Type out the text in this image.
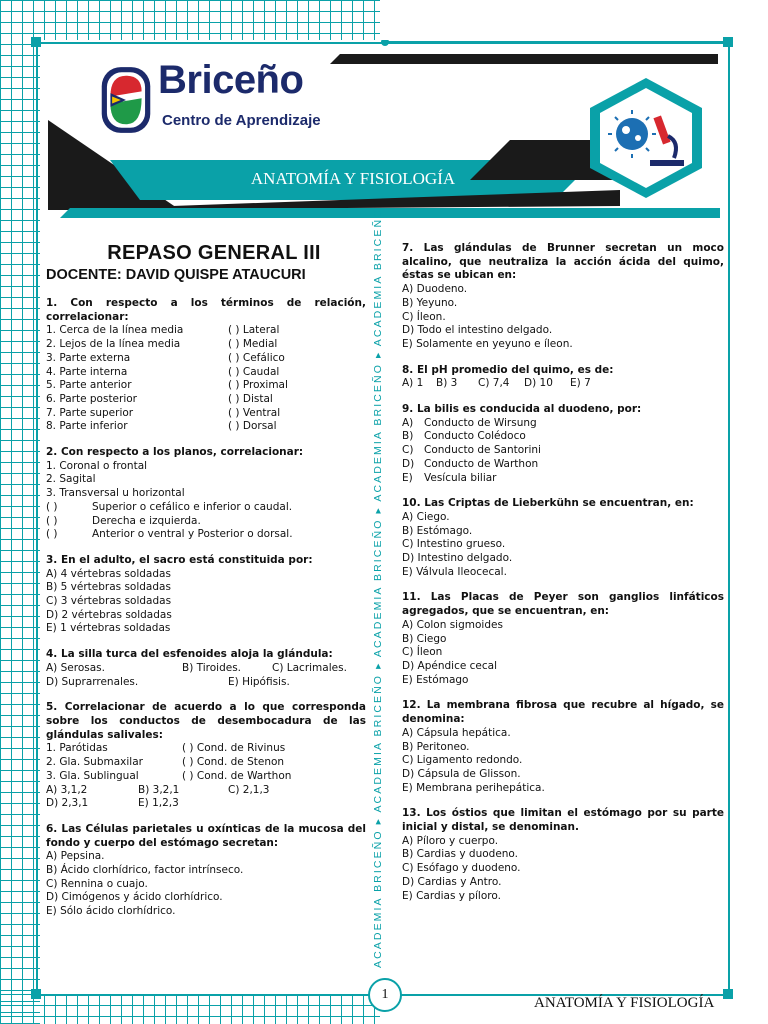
Briceño
Centro de Aprendizaje
ANATOMÍA Y FISIOLOGÍA
ACADEMIA BRICEÑO ▸ ACADEMIA BRICEÑO ▸ ACADEMIA BRICEÑO ▸ ACADEMIA BRICEÑO ▸ ACADEMIA BRICEÑO
REPASO GENERAL III
DOCENTE: DAVID QUISPE ATAUCURI
1. Con respecto a los términos de relación, correlacionar:
1. Cerca de la línea media	( ) Lateral
2. Lejos de la línea media	( ) Medial
3. Parte externa	( ) Cefálico
4. Parte interna	( ) Caudal
5. Parte anterior	( ) Proximal
6. Parte posterior	( ) Distal
7. Parte superior	( ) Ventral
8. Parte inferior	( ) Dorsal
2. Con respecto a los planos, correlacionar:
1. Coronal o frontal
2. Sagital
3. Transversal u horizontal
( )	Superior o cefálico e inferior o caudal.
( )	Derecha e izquierda.
( )	Anterior o ventral y Posterior o dorsal.
3. En el adulto, el sacro está constituida por:
A) 4 vértebras soldadas
B) 5 vértebras soldadas
C) 3 vértebras soldadas
D) 2 vértebras soldadas
E) 1 vértebras soldadas
4. La silla turca del esfenoides aloja la glándula:
A) Serosas.	B) Tiroides.	C) Lacrimales.
D) Suprarrenales.	E) Hipófisis.
5. Correlacionar de acuerdo a lo que corresponda sobre los conductos de desembocadura de las glándulas salivales:
1. Parótidas	( ) Cond. de Rivinus
2. Gla. Submaxilar	( ) Cond. de Stenon
3. Gla. Sublingual	( ) Cond. de Warthon
A) 3,1,2	B) 3,2,1	C) 2,1,3
D) 2,3,1	E) 1,2,3
6. Las Células parietales u oxínticas de la mucosa del fondo y cuerpo del estómago secretan:
A) Pepsina.
B) Ácido clorhídrico, factor intrínseco.
C) Rennina o cuajo.
D) Cimógenos y ácido clorhídrico.
E) Sólo ácido clorhídrico.
7. Las glándulas de Brunner secretan un moco alcalino, que neutraliza la acción ácida del quimo, éstas se ubican en:
A) Duodeno.
B) Yeyuno.
C) Íleon.
D) Todo el intestino delgado.
E) Solamente en yeyuno e íleon.
8. El pH promedio del quimo, es de:
A) 1	B) 3	C) 7,4	D) 10	E) 7
9. La bilis es conducida al duodeno, por:
A) Conducto de Wirsung
B) Conducto Colédoco
C) Conducto de Santorini
D) Conducto de Warthon
E) Vesícula biliar
10. Las Criptas de Lieberkühn se encuentran, en:
A) Ciego.
B) Estómago.
C) Intestino grueso.
D) Intestino delgado.
E) Válvula Ileocecal.
11. Las Placas de Peyer son ganglios linfáticos agregados, que se encuentran, en:
A) Colon sigmoides
B) Ciego
C) Íleon
D) Apéndice cecal
E) Estómago
12. La membrana fibrosa que recubre al hígado, se denomina:
A) Cápsula hepática.
B) Peritoneo.
C) Ligamento redondo.
D) Cápsula de Glisson.
E) Membrana perihepática.
13. Los óstios que limitan el estómago por su parte inicial y distal, se denominan.
A) Píloro y cuerpo.
B) Cardias y duodeno.
C) Esófago y duodeno.
D) Cardias y Antro.
E) Cardias y píloro.
1
ANATOMÍA Y FISIOLOGÍA
